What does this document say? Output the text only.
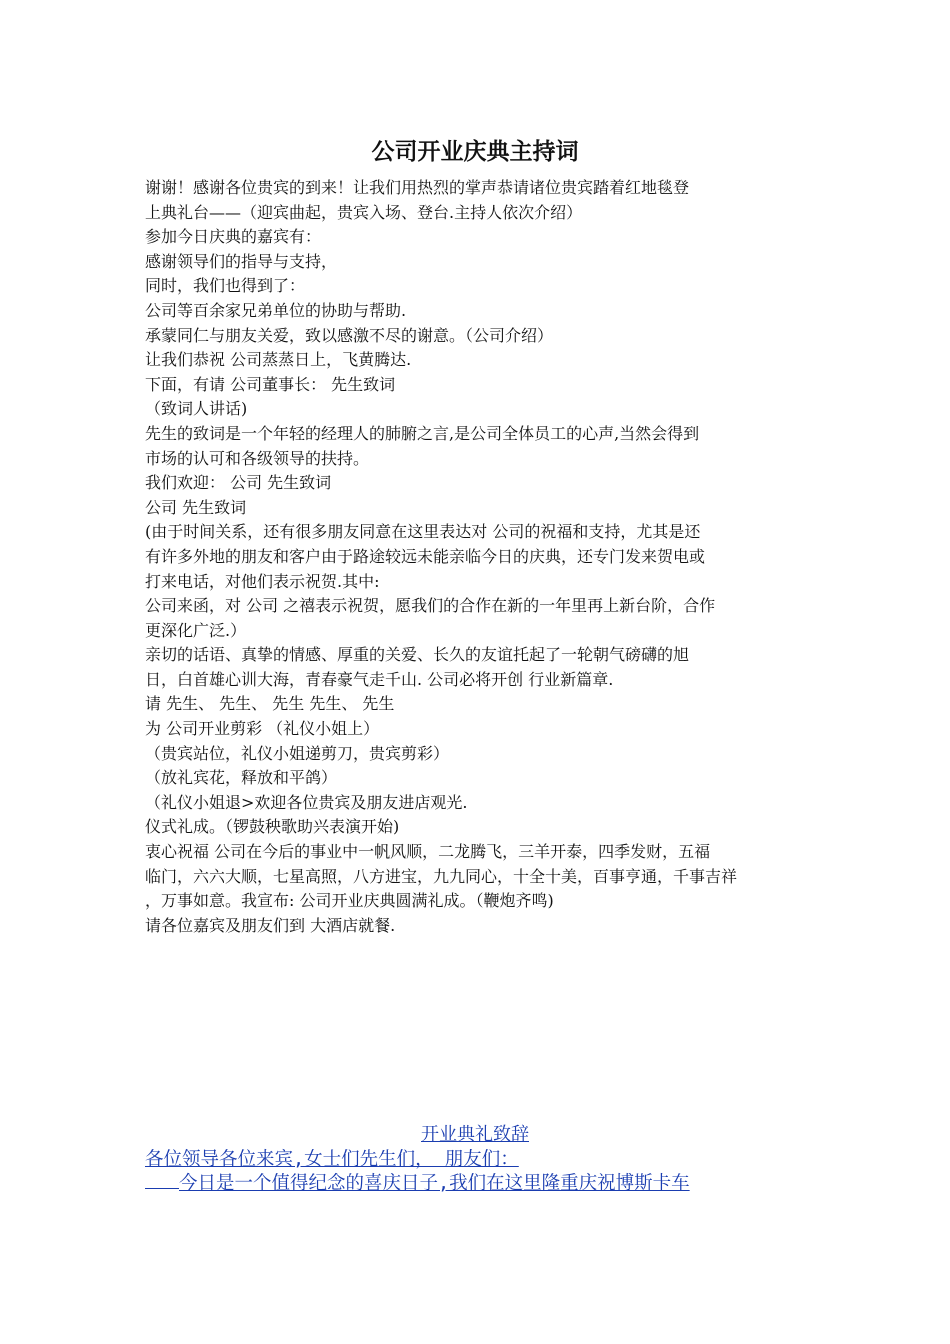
公司开业庆典主持词

谢谢！感谢各位贵宾的到来！让我们用热烈的掌声恭请诸位贵宾踏着红地毯登

上典礼台——（迎宾曲起，贵宾入场、登台.主持人依次介绍）

参加今日庆典的嘉宾有：

感谢领导们的指导与支持，

同时，我们也得到了：

公司等百余家兄弟单位的协助与帮助.

承蒙同仁与朋友关爱，致以感激不尽的谢意。（公司介绍）

让我们恭祝 公司蒸蒸日上，飞黄腾达.

下面，有请 公司董事长： 先生致词

（致词人讲话)

先生的致词是一个年轻的经理人的肺腑之言,是公司全体员工的心声,当然会得到

市场的认可和各级领导的扶持。

我们欢迎： 公司 先生致词

公司 先生致词

(由于时间关系，还有很多朋友同意在这里表达对 公司的祝福和支持，尤其是还

有许多外地的朋友和客户由于路途较远未能亲临今日的庆典，还专门发来贺电或

打来电话，对他们表示祝贺.其中:

公司来函，对 公司 之禧表示祝贺，愿我们的合作在新的一年里再上新台阶，合作

更深化广泛.）

亲切的话语、真挚的情感、厚重的关爱、长久的友谊托起了一轮朝气磅礴的旭

日，白首雄心训大海，青春豪气走千山. 公司必将开创 行业新篇章.

请 先生、 先生、 先生 先生、 先生

为 公司开业剪彩 （礼仪小姐上）

（贵宾站位，礼仪小姐递剪刀，贵宾剪彩）

（放礼宾花，释放和平鸽）

（礼仪小姐退>欢迎各位贵宾及朋友进店观光.

仪式礼成。（锣鼓秧歌助兴表演开始)

衷心祝福 公司在今后的事业中一帆风顺，二龙腾飞，三羊开泰，四季发财，五福

临门，六六大顺，七星高照，八方进宝，九九同心，十全十美，百事亨通，千事吉祥

，万事如意。我宣布: 公司开业庆典圆满礼成。（鞭炮齐鸣)

请各位嘉宾及朋友们到 大酒店就餐.

开业典礼致辞

各位领导各位来宾,女士们先生们， 朋友们：

今日是一个值得纪念的喜庆日子,我们在这里隆重庆祝博斯卡车
